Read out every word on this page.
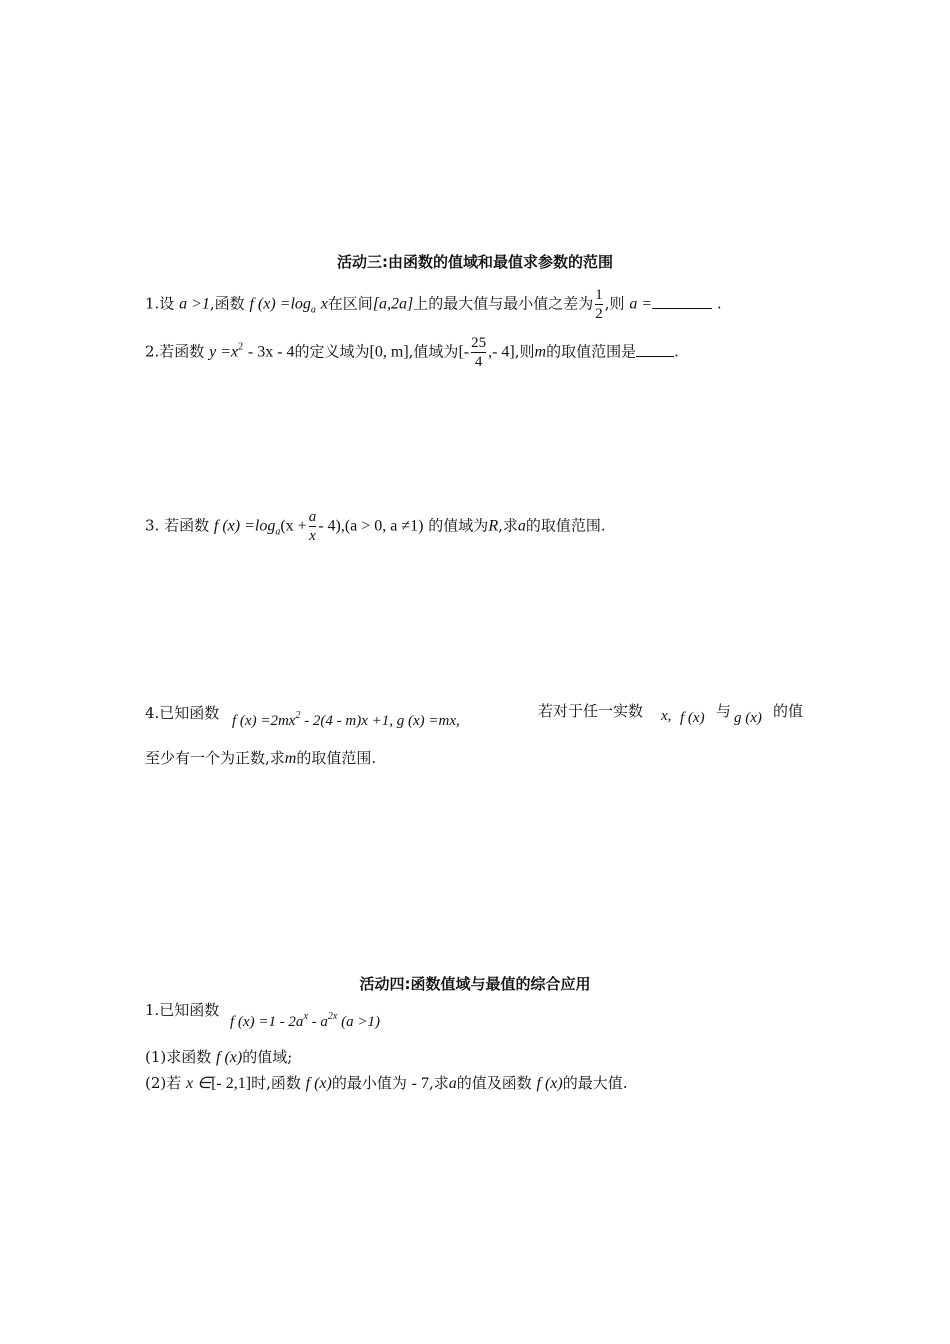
活动三:由函数的值域和最值求参数的范围
1.设 a >1,函数 f $(x) =\log_a$ x在区间[a,2a]上的最大值与最小值之差为 $\frac{1}{2}$ ,则 a =	.
2.若函数 $y =x^2 - 3x - 4$的定义域为[0, m],值域为[- $\frac{25}{4}$ ,- 4],则m的取值范围是	.
3. 若函数 f $(x) =\log_a(x + \frac{a}{x} - 4),(a > 0$, a ≠1) 的值域为R,求a的取值范围.
4.已知函数 f $(x) =2mx^2 - 2(4 - m)x +1$, g (x) =mx,
若对于任一实数 x, f (x) 与 g (x) 的值
至少有一个为正数,求m的取值范围.
活动四:函数值域与最值的综合应用
1.已知函数
f $(x) =1 - 2a^x - a^{2x}$ (a >1)
(1)求函数 f (x)的值域;
(2)若 x ∈[- 2,1]时,函数 f (x)的最小值为 - 7,求a的值及函数 f (x)的最大值.
